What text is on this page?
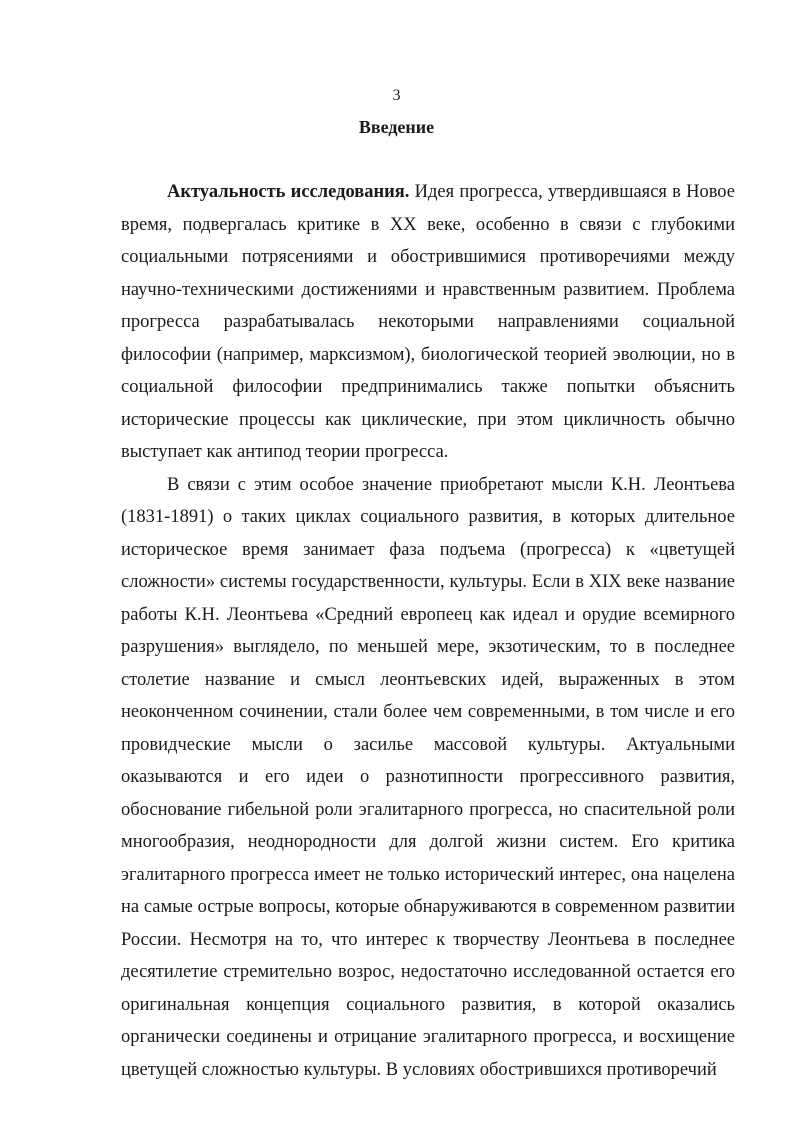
3
Введение

Актуальность исследования. Идея прогресса, утвердившаяся в Новое время, подвергалась критике в XX веке, особенно в связи с глубокими социальными потрясениями и обострившимися противоречиями между научно-техническими достижениями и нравственным развитием. Проблема прогресса разрабатывалась некоторыми направлениями социальной философии (например, марксизмом), биологической теорией эволюции, но в социальной философии предпринимались также попытки объяснить исторические процессы как циклические, при этом цикличность обычно выступает как антипод теории прогресса.

В связи с этим особое значение приобретают мысли К.Н. Леонтьева (1831-1891) о таких циклах социального развития, в которых длительное историческое время занимает фаза подъема (прогресса) к «цветущей сложности» системы государственности, культуры. Если в XIX веке название работы К.Н. Леонтьева «Средний европеец как идеал и орудие всемирного разрушения» выглядело, по меньшей мере, экзотическим, то в последнее столетие название и смысл леонтьевских идей, выраженных в этом неоконченном сочинении, стали более чем современными, в том числе и его провидческие мысли о засилье массовой культуры. Актуальными оказываются и его идеи о разнотипности прогрессивного развития, обоснование гибельной роли эгалитарного прогресса, но спасительной роли многообразия, неоднородности для долгой жизни систем. Его критика эгалитарного прогресса имеет не только исторический интерес, она нацелена на самые острые вопросы, которые обнаруживаются в современном развитии России. Несмотря на то, что интерес к творчеству Леонтьева в последнее десятилетие стремительно возрос, недостаточно исследованной остается его оригинальная концепция социального развития, в которой оказались органически соединены и отрицание эгалитарного прогресса, и восхищение цветущей сложностью культуры. В условиях обострившихся противоречий
